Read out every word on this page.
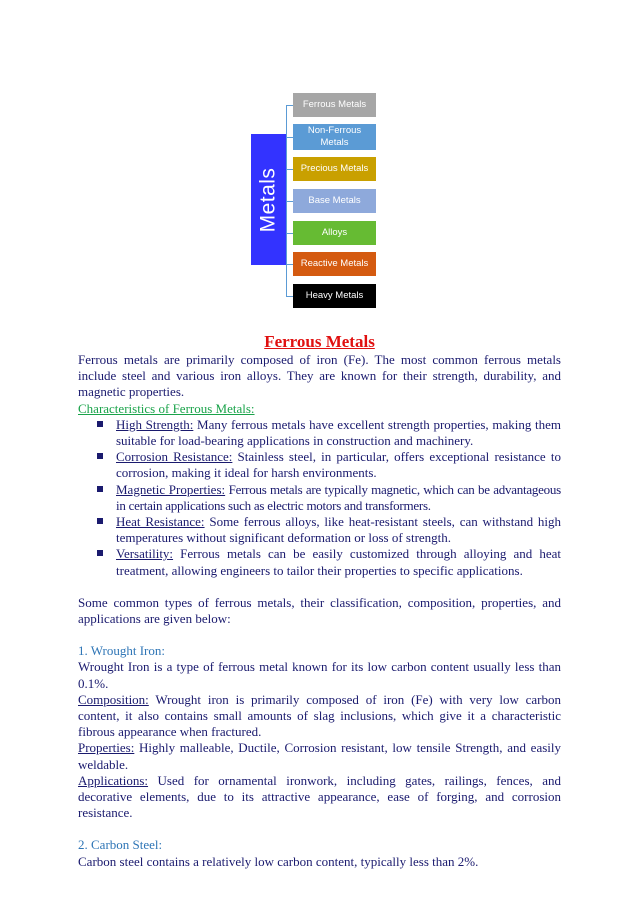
Metals
Ferrous Metals
Non-Ferrous Metals
Precious Metals
Base Metals
Alloys
Reactive Metals
Heavy Metals
Ferrous Metals

Ferrous metals are primarily composed of iron (Fe). The most common ferrous metals include steel and various iron alloys. They are known for their strength, durability, and magnetic properties.

Characteristics of Ferrous Metals:
High Strength: Many ferrous metals have excellent strength properties, making them suitable for load-bearing applications in construction and machinery.
Corrosion Resistance: Stainless steel, in particular, offers exceptional resistance to corrosion, making it ideal for harsh environments.
Magnetic Properties: Ferrous metals are typically magnetic, which can be advantageous in certain applications such as electric motors and transformers.
Heat Resistance: Some ferrous alloys, like heat-resistant steels, can withstand high temperatures without significant deformation or loss of strength.
Versatility: Ferrous metals can be easily customized through alloying and heat treatment, allowing engineers to tailor their properties to specific applications.

Some common types of ferrous metals, their classification, composition, properties, and applications are given below:

1. Wrought Iron:

Wrought Iron is a type of ferrous metal known for its low carbon content usually less than 0.1%.

Composition: Wrought iron is primarily composed of iron (Fe) with very low carbon content, it also contains small amounts of slag inclusions, which give it a characteristic fibrous appearance when fractured.

Properties: Highly malleable, Ductile, Corrosion resistant, low tensile Strength, and easily weldable.

Applications: Used for ornamental ironwork, including gates, railings, fences, and decorative elements, due to its attractive appearance, ease of forging, and corrosion resistance.

2. Carbon Steel:

Carbon steel contains a relatively low carbon content, typically less than 2%.
